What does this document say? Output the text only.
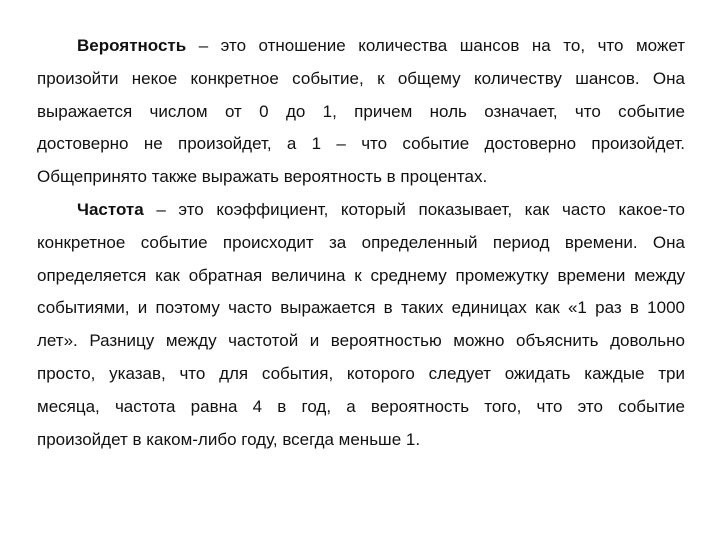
Вероятность – это отношение количества шансов на то, что может
произойти некое конкретное событие, к общему количеству шансов. Она
выражается числом от 0 до 1, причем ноль означает, что событие
достоверно не произойдет, а 1 – что событие достоверно произойдет.
Общепринято также выражать вероятность в процентах.
Частота – это коэффициент, который показывает, как часто какое-то
конкретное событие происходит за определенный период времени. Она
определяется как обратная величина к среднему промежутку времени между
событиями, и поэтому часто выражается в таких единицах как «1 раз в 1000
лет». Разницу между частотой и вероятностью можно объяснить довольно
просто, указав, что для события, которого следует ожидать каждые три
месяца, частота равна 4 в год, а вероятность того, что это событие
произойдет в каком-либо году, всегда меньше 1.
